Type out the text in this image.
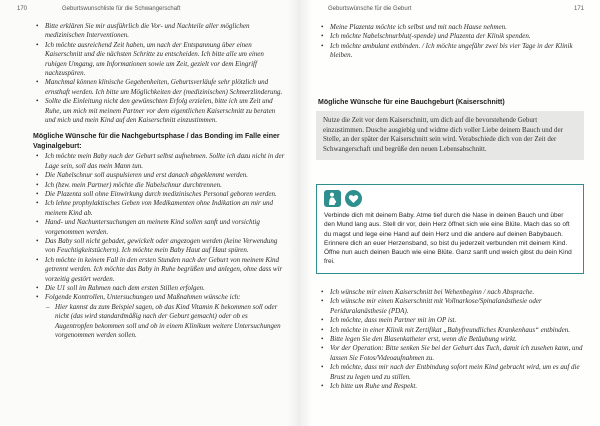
170	Geburtswunschliste für die Schwangerschaft
• Bitte erklären Sie mir ausführlich die Vor- und Nachteile aller möglichen medizinischen Interventionen.
• Ich möchte ausreichend Zeit haben, um nach der Entspannung über einen Kaiserschnitt und die nächsten Schritte zu entscheiden. Ich bitte alle um einen ruhigen Umgang, um Informationen sowie um Zeit, gezielt vor dem Eingriff nachzuspüren.
• Manchmal können klinische Gegebenheiten, Geburtsverläufe sehr plötzlich und ernsthaft werden. Ich bitte um Möglichkeiten der (medizinischen) Schmerzlinderung.
• Sollte die Einleitung nicht den gewünschten Erfolg erzielen, bitte ich um Zeit und Ruhe, um mich mit meinem Partner vor dem eigentlichen Kaiserschnitt zu beraten und mich und mein Kind auf den Kaiserschnitt einzustimmen.

Mögliche Wünsche für die Nachgeburtsphase / das Bonding im Falle einer Vaginalgeburt:

• Ich möchte mein Baby nach der Geburt selbst aufnehmen. Sollte ich dazu nicht in der Lage sein, soll das mein Mann tun.
• Die Nabelschnur soll auspulsieren und erst danach abgeklemmt werden.
• Ich (bzw. mein Partner) möchte die Nabelschnur durchtrennen.
• Die Plazenta soll ohne Einwirkung durch medizinisches Personal geboren werden.
• Ich lehne prophylaktisches Geben von Medikamenten ohne Indikation an mir und meinem Kind ab.
• Hand- und Nachuntersuchungen an meinem Kind sollen sanft und vorsichtig vorgenommen werden.
• Das Baby soll nicht gebadet, gewickelt oder angezogen werden (keine Verwendung von Feuchtigkeitstüchern). Ich möchte mein Baby Haut auf Haut spüren.
• Ich möchte in keinem Fall in den ersten Stunden nach der Geburt von meinem Kind getrennt werden. Ich möchte das Baby in Ruhe begrüßen und anlegen, ohne dass wir vorzeitig gestört werden.
• Die U1 soll im Rahmen nach dem ersten Stillen erfolgen.
• Folgende Kontrollen, Untersuchungen und Maßnahmen wünsche ich:
– Hier kannst du zum Beispiel sagen, ob das Kind Vitamin K bekommen soll oder nicht (das wird standardmäßig nach der Geburt gemacht) oder ob es Augentropfen bekommen soll und ob in einem Klinikum weitere Untersuchungen vorgenommen werden sollen.
Geburtswünsche für die Geburt	171
• Meine Plazenta möchte ich selbst und mit nach Hause nehmen.
• Ich möchte Nabelschnurblut(-spende) und Plazenta der Klinik spenden.
• Ich möchte ambulant entbinden. / Ich möchte ungefähr zwei bis vier Tage in der Klinik bleiben.

Mögliche Wünsche für eine Bauchgeburt (Kaiserschnitt)

Nutze die Zeit vor dem Kaiserschnitt, um dich auf die bevorstehende Geburt einzustimmen. Dusche ausgiebig und widme dich voller Liebe deinem Bauch und der Stelle, an der später der Kaiserschnitt sein wird. Verabschiede dich von der Zeit der Schwangerschaft und begrüße den neuen Lebensabschnitt.
Verbinde dich mit deinem Baby. Atme tief durch die Nase in deinen Bauch und über den Mund lang aus. Stell dir vor, dein Herz öffnet sich wie eine Blüte. Mach das so oft du magst und lege eine Hand auf dein Herz und die andere auf deinen Babybauch. Erinnere dich an euer Herzensband, so bist du jederzeit verbunden mit deinem Kind. Öffne nun auch deinen Bauch wie eine Blüte. Ganz sanft und weich gibst du dein Kind frei.
• Ich wünsche mir einen Kaiserschnitt bei Wehenbeginn / nach Absprache.
• Ich wünsche mir einen Kaiserschnitt mit Vollnarkose/Spinalanästhesie oder Periduralanästhesie (PDA).
• Ich möchte, dass mein Partner mit im OP ist.
• Ich möchte in einer Klinik mit Zertifikat „Babyfreundliches Krankenhaus“ entbinden.
• Bitte legen Sie den Blasenkatheter erst, wenn die Betäubung wirkt.
• Vor der Operation: Bitte senken Sie bei der Geburt das Tuch, damit ich zusehen kann, und lassen Sie Fotos/Videoaufnahmen zu.
• Ich möchte, dass mir nach der Entbindung sofort mein Kind gebracht wird, um es auf die Brust zu legen und zu stillen.
• Ich bitte um Ruhe und Respekt.
